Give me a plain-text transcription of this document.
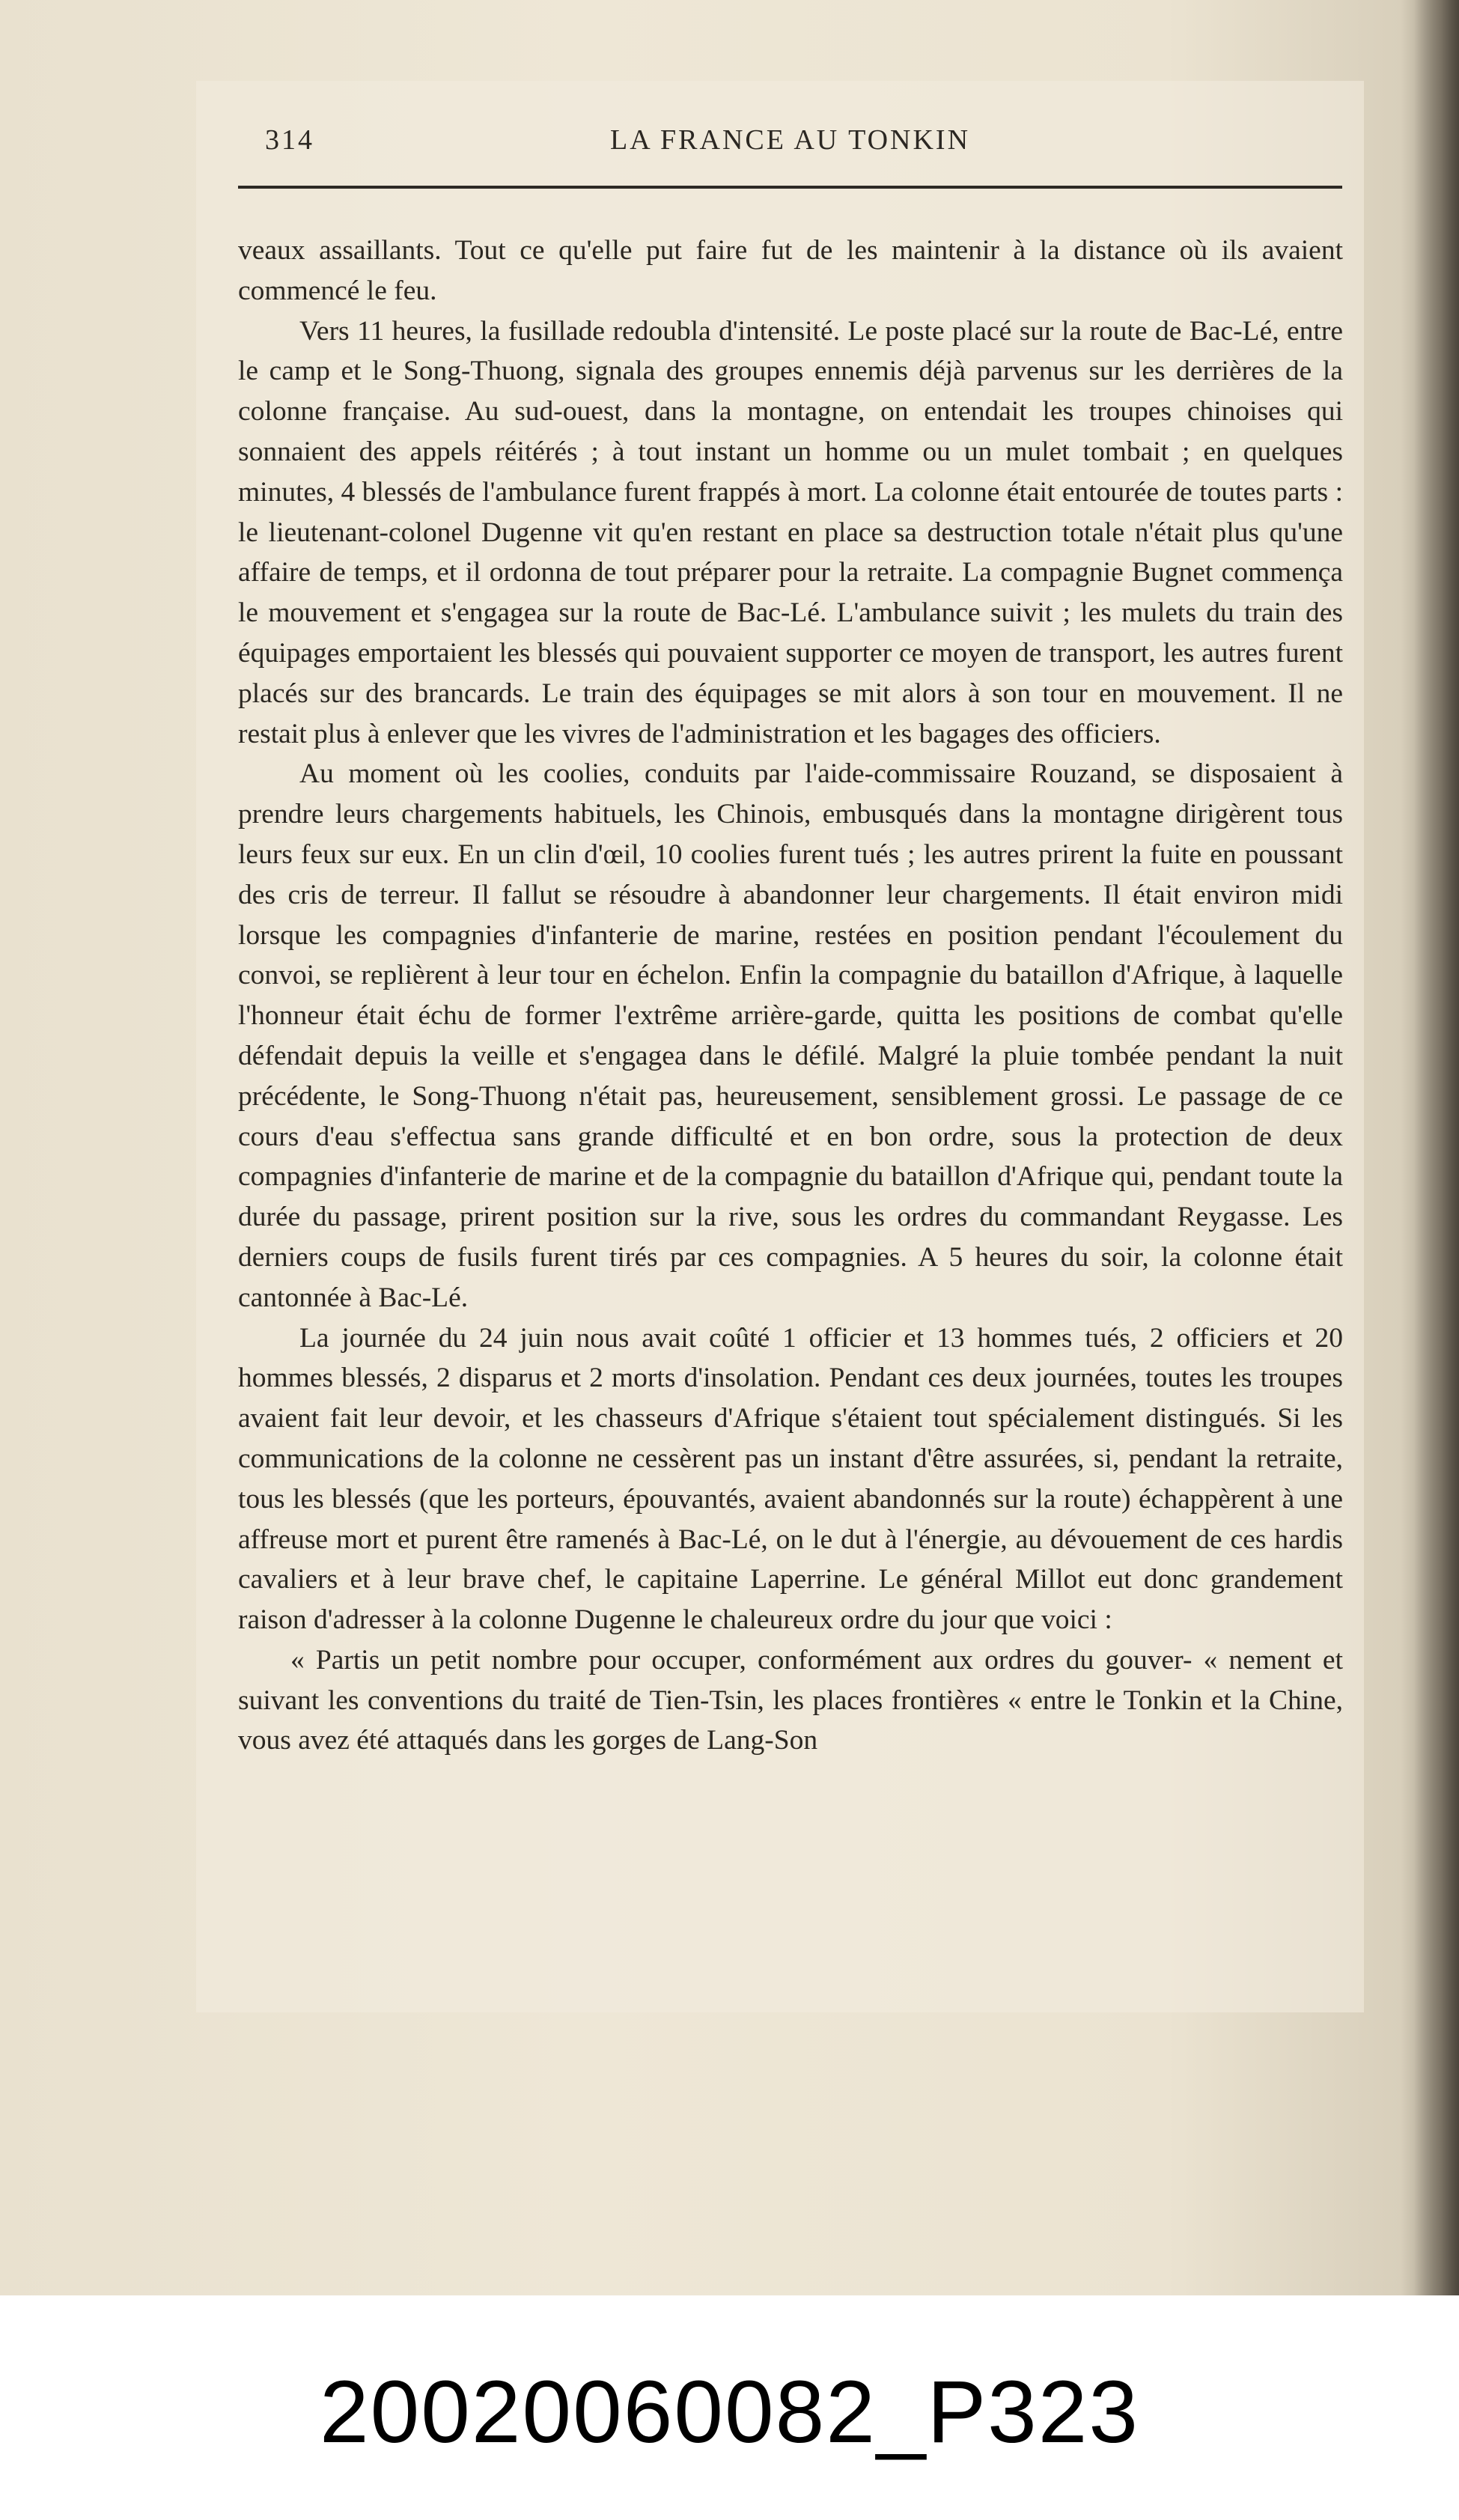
314	LA FRANCE AU TONKIN

veaux assaillants. Tout ce qu'elle put faire fut de les maintenir à la distance où ils avaient commencé le feu.

Vers 11 heures, la fusillade redoubla d'intensité. Le poste placé sur la route de Bac-Lé, entre le camp et le Song-Thuong, signala des groupes ennemis déjà parvenus sur les derrières de la colonne française. Au sud-ouest, dans la montagne, on entendait les troupes chinoises qui sonnaient des appels réitérés ; à tout instant un homme ou un mulet tombait ; en quelques minutes, 4 blessés de l'ambulance furent frappés à mort. La colonne était entourée de toutes parts : le lieutenant-colonel Dugenne vit qu'en restant en place sa destruction totale n'était plus qu'une affaire de temps, et il ordonna de tout préparer pour la retraite. La compagnie Bugnet commença le mouvement et s'engagea sur la route de Bac-Lé. L'ambulance suivit ; les mulets du train des équipages emportaient les blessés qui pouvaient supporter ce moyen de transport, les autres furent placés sur des brancards. Le train des équipages se mit alors à son tour en mouvement. Il ne restait plus à enlever que les vivres de l'administration et les bagages des officiers.

Au moment où les coolies, conduits par l'aide-commissaire Rouzand, se disposaient à prendre leurs chargements habituels, les Chinois, embusqués dans la montagne dirigèrent tous leurs feux sur eux. En un clin d'œil, 10 coolies furent tués ; les autres prirent la fuite en poussant des cris de terreur. Il fallut se résoudre à abandonner leur chargements. Il était environ midi lorsque les compagnies d'infanterie de marine, restées en position pendant l'écoulement du convoi, se replièrent à leur tour en échelon. Enfin la compagnie du bataillon d'Afrique, à laquelle l'honneur était échu de former l'extrême arrière-garde, quitta les positions de combat qu'elle défendait depuis la veille et s'engagea dans le défilé. Malgré la pluie tombée pendant la nuit précédente, le Song-Thuong n'était pas, heureusement, sensiblement grossi. Le passage de ce cours d'eau s'effectua sans grande difficulté et en bon ordre, sous la protection de deux compagnies d'infanterie de marine et de la compagnie du bataillon d'Afrique qui, pendant toute la durée du passage, prirent position sur la rive, sous les ordres du commandant Reygasse. Les derniers coups de fusils furent tirés par ces compagnies. A 5 heures du soir, la colonne était cantonnée à Bac-Lé.

La journée du 24 juin nous avait coûté 1 officier et 13 hommes tués, 2 officiers et 20 hommes blessés, 2 disparus et 2 morts d'insolation. Pendant ces deux journées, toutes les troupes avaient fait leur devoir, et les chasseurs d'Afrique s'étaient tout spécialement distingués. Si les communications de la colonne ne cessèrent pas un instant d'être assurées, si, pendant la retraite, tous les blessés (que les porteurs, épouvantés, avaient abandonnés sur la route) échappèrent à une affreuse mort et purent être ramenés à Bac-Lé, on le dut à l'énergie, au dévouement de ces hardis cavaliers et à leur brave chef, le capitaine Laperrine. Le général Millot eut donc grandement raison d'adresser à la colonne Dugenne le chaleureux ordre du jour que voici :

« Partis un petit nombre pour occuper, conformément aux ordres du gouver- « nement et suivant les conventions du traité de Tien-Tsin, les places frontières « entre le Tonkin et la Chine, vous avez été attaqués dans les gorges de Lang-Son

20020060082_P323
